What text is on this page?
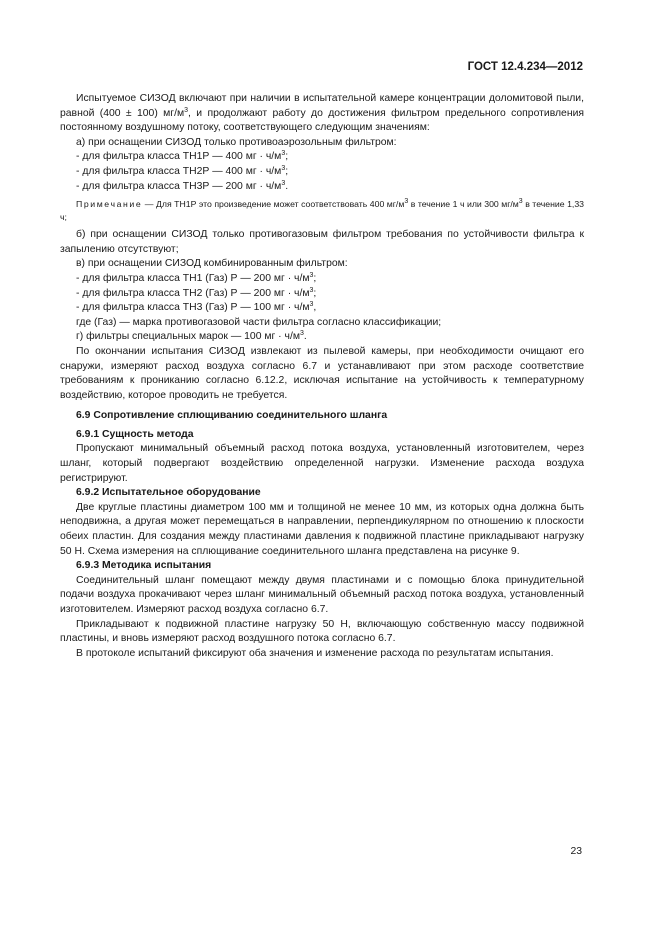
ГОСТ 12.4.234—2012

Испытуемое СИЗОД включают при наличии в испытательной камере концентрации доломитовой пыли, равной (400 ± 100) $мг/м^3$, и продолжают работу до достижения фильтром предельного сопротивления постоянному воздушному потоку, соответствующего следующим значениям:

а) при оснащении СИЗОД только противоаэрозольным фильтром:

- для фильтра класса ТН1Р — 400 мг · $ч/м^3$;

- для фильтра класса ТН2Р — 400 мг · $ч/м^3$;

- для фильтра класса ТН3Р — 200 мг · $ч/м^3$.

Примечание — Для ТН1Р это произведение может соответствовать 400 $мг/м^3$ в течение 1 ч или 300 $мг/м^3$ в течение 1,33 ч;

б) при оснащении СИЗОД только противогазовым фильтром требования по устойчивости фильтра к запылению отсутствуют;

в) при оснащении СИЗОД комбинированным фильтром:

- для фильтра класса ТН1 (Газ) Р — 200 мг · $ч/м^3$;

- для фильтра класса ТН2 (Газ) Р — 200 мг · $ч/м^3$;

- для фильтра класса ТН3 (Газ) Р — 100 мг · $ч/м^3$,

где (Газ) — марка противогазовой части фильтра согласно классификации;

г) фильтры специальных марок — 100 мг · $ч/м^3$.

По окончании испытания СИЗОД извлекают из пылевой камеры, при необходимости очищают его снаружи, измеряют расход воздуха согласно 6.7 и устанавливают при этом расходе соответствие требованиям к прониканию согласно 6.12.2, исключая испытание на устойчивость к температурному воздействию, которое проводить не требуется.

6.9 Сопротивление сплющиванию соединительного шланга

6.9.1 Сущность метода

Пропускают минимальный объемный расход потока воздуха, установленный изготовителем, через шланг, который подвергают воздействию определенной нагрузки. Изменение расхода воздуха регистрируют.

6.9.2 Испытательное оборудование

Две круглые пластины диаметром 100 мм и толщиной не менее 10 мм, из которых одна должна быть неподвижна, а другая может перемещаться в направлении, перпендикулярном по отношению к плоскости обеих пластин. Для создания между пластинами давления к подвижной пластине прикладывают нагрузку 50 Н. Схема измерения на сплющивание соединительного шланга представлена на рисунке 9.

6.9.3 Методика испытания

Соединительный шланг помещают между двумя пластинами и с помощью блока принудительной подачи воздуха прокачивают через шланг минимальный объемный расход потока воздуха, установленный изготовителем. Измеряют расход воздуха согласно 6.7.

Прикладывают к подвижной пластине нагрузку 50 Н, включающую собственную массу подвижной пластины, и вновь измеряют расход воздушного потока согласно 6.7.

В протоколе испытаний фиксируют оба значения и изменение расхода по результатам испытания.

23
